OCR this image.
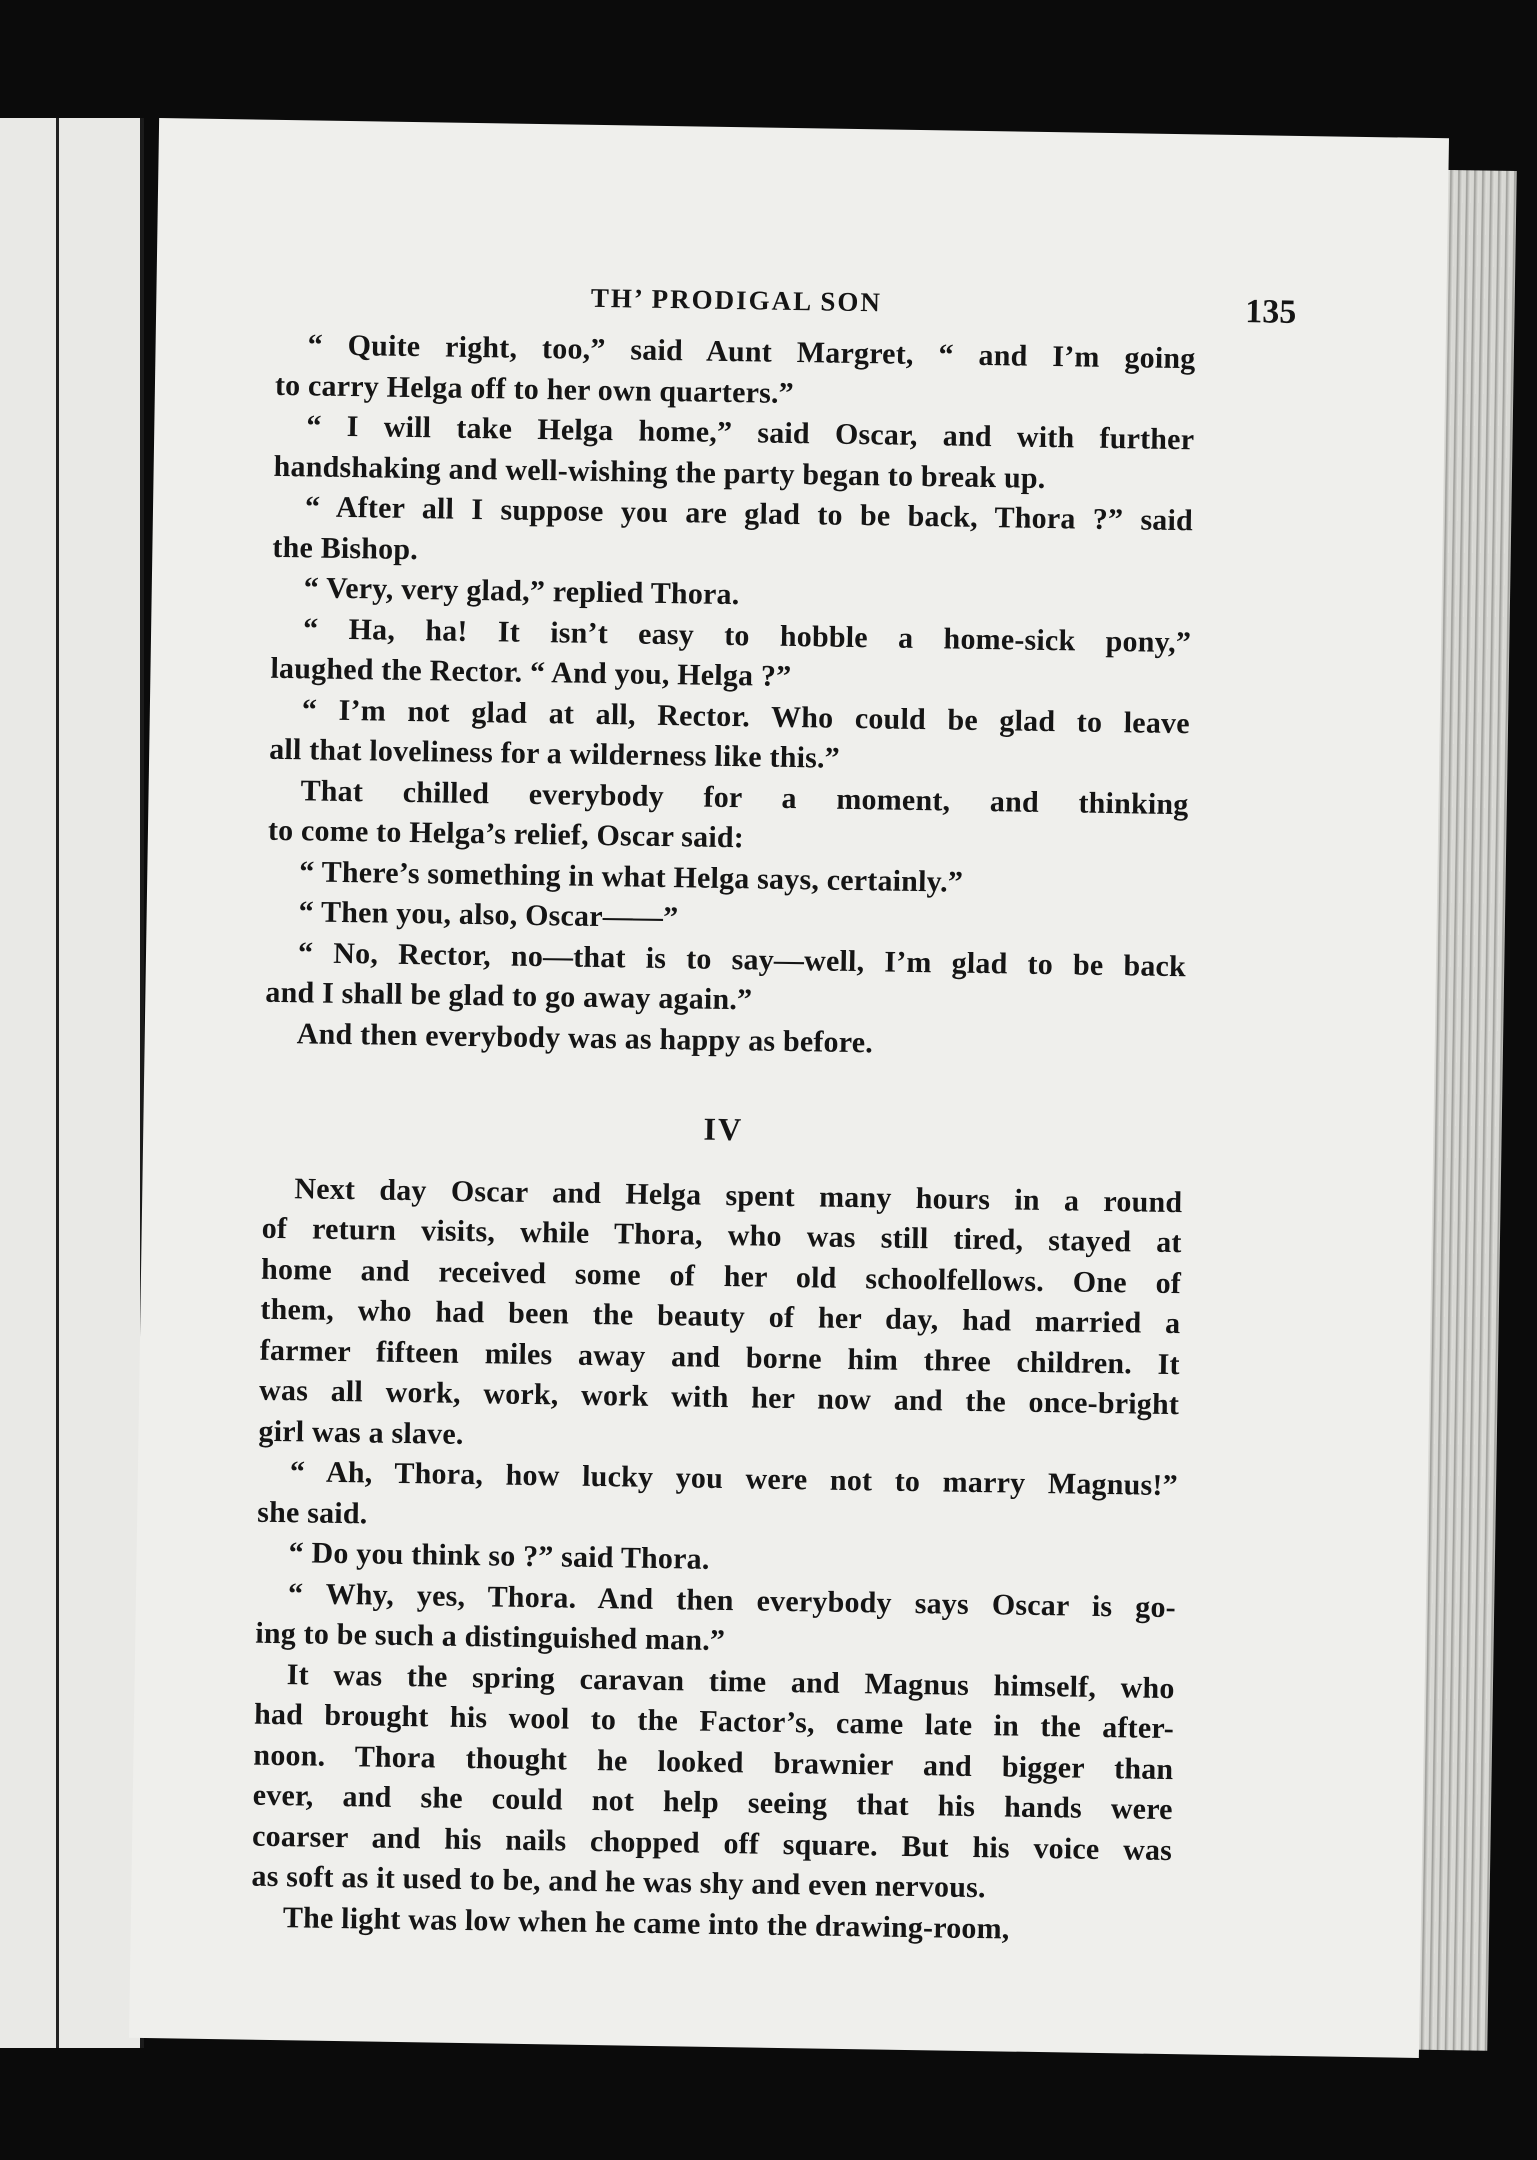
TH’ PRODIGAL SON	135

“ Quite right, too,” said Aunt Margret, “ and I’m going
to carry Helga off to her own quarters.”

“ I will take Helga home,” said Oscar, and with further
handshaking and well-wishing the party began to break up.

“ After all I suppose you are glad to be back, Thora ?” said
the Bishop.

“ Very, very glad,” replied Thora.

“ Ha, ha! It isn’t easy to hobble a home-sick pony,”
laughed the Rector. “ And you, Helga ?”

“ I’m not glad at all, Rector. Who could be glad to leave
all that loveliness for a wilderness like this.”

That chilled everybody for a moment, and thinking
to come to Helga’s relief, Oscar said:

“ There’s something in what Helga says, certainly.”

“ Then you, also, Oscar——”

“ No, Rector, no—that is to say—well, I’m glad to be back
and I shall be glad to go away again.”

And then everybody was as happy as before.

IV

Next day Oscar and Helga spent many hours in a round
of return visits, while Thora, who was still tired, stayed at
home and received some of her old schoolfellows. One of
them, who had been the beauty of her day, had married a
farmer fifteen miles away and borne him three children. It
was all work, work, work with her now and the once-bright
girl was a slave.

“ Ah, Thora, how lucky you were not to marry Magnus!”
she said.

“ Do you think so ?” said Thora.

“ Why, yes, Thora. And then everybody says Oscar is go-
ing to be such a distinguished man.”

It was the spring caravan time and Magnus himself, who
had brought his wool to the Factor’s, came late in the after-
noon. Thora thought he looked brawnier and bigger than
ever, and she could not help seeing that his hands were
coarser and his nails chopped off square. But his voice was
as soft as it used to be, and he was shy and even nervous.

The light was low when he came into the drawing-room,
